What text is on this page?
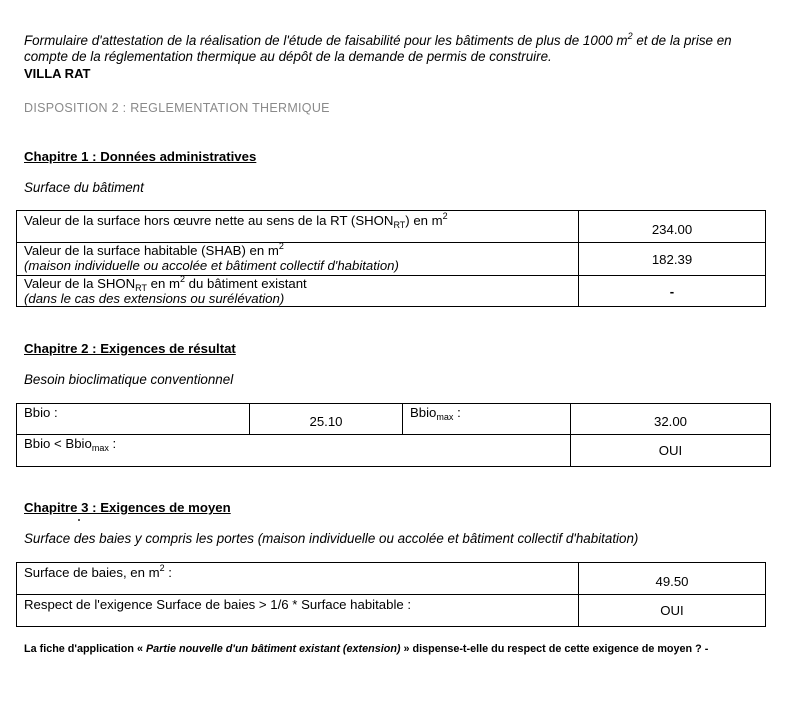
Formulaire d'attestation de la réalisation de l'étude de faisabilité pour les bâtiments de plus de 1000 $m^2$ et de la prise en compte de la réglementation thermique au dépôt de la demande de permis de construire.
VILLA RAT
DISPOSITION 2 : REGLEMENTATION THERMIQUE
Chapitre 1 : Données administratives
Surface du bâtiment
Valeur de la surface hors œuvre nette au sens de la RT $(SHON_{RT})$ en $m^2$	234.00
Valeur de la surface habitable (SHAB) en $m^2$
(maison individuelle ou accolée et bâtiment collectif d'habitation)	182.39
Valeur de la $SHON_{RT}$ en $m^2$ du bâtiment existant
(dans le cas des extensions ou surélévation)	-
Chapitre 2 : Exigences de résultat
Besoin bioclimatique conventionnel
Bbio :	25.10	Bbio$_{max}$ :	32.00
Bbio < Bbio$_{max}$ :			OUI
Chapitre 3 : Exigences de moyen
Surface des baies y compris les portes (maison individuelle ou accolée et bâtiment collectif d'habitation)
Surface de baies, en $m^2$ :	49.50
Respect de l'exigence Surface de baies > 1/6 * Surface habitable :	OUI
La fiche d'application « Partie nouvelle d'un bâtiment existant (extension) » dispense-t-elle du respect de cette exigence de moyen ? -
